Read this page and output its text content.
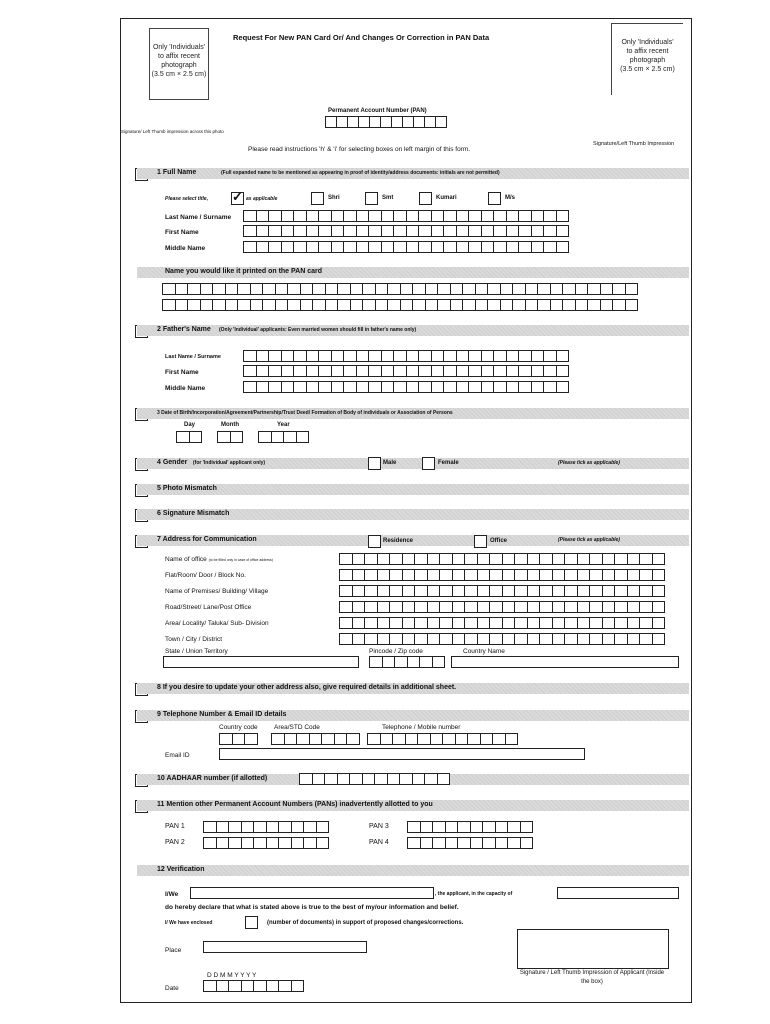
Only 'Individuals'
to affix recent
photograph
(3.5 cm × 2.5 cm)
Request For New PAN Card Or/ And Changes Or Correction in PAN Data
Only 'Individuals'
to affix recent
photograph
(3.5 cm × 2.5 cm)
Permanent Account Number (PAN)
Signature/ Left Thumb impression across this photo
Please read instructions 'h' & 'i' for selecting boxes on left margin of this form.
Signature/Left Thumb Impression
1 Full Name	(Full expanded name to be mentioned as appearing in proof of identity/address documents: initials are not permitted)
Please select title, ✓ as applicable	Shri	Smt	Kumari	M/s
Last Name / Surname
First Name
Middle Name
Name you would like it printed on the PAN card
2 Father's Name (Only 'Individual' applicants: Even married women should fill in father's name only)
Last Name / Surname
First Name
Middle Name
3 Date of Birth/Incorporation/Agreement/Partnership/Trust Deed/ Formation of Body of individuals or Association of Persons
Day	Month	Year
4 Gender (for 'Individual' applicant only)	(Please tick as applicable)
Male	Female
5 Photo Mismatch
6 Signature Mismatch
7 Address for Communication	(Please tick as applicable)
Residence	Office
Name of office (to be filled only in case of office address)
Flat/Room/ Door / Block No.
Name of Premises/ Building/ Village
Road/Street/ Lane/Post Office
Area/ Locality/ Taluka/ Sub- Division
Town / City / District
State / Union Territory	Pincode / Zip code	Country Name
8 If you desire to update your other address also, give required details in additional sheet.
9 Telephone Number & Email ID details
Country code	Area/STD Code	Telephone / Mobile number
Email ID
10 AADHAAR number (if allotted)
11 Mention other Permanent Account Numbers (PANs) inadvertently allotted to you
PAN 1
PAN 2
PAN 3
PAN 4
12 Verification
I/We	, the applicant, in the capacity of
do hereby declare that what is stated above is true to the best of my/our information and belief.
I/ We have enclosed	(number of documents) in support of proposed changes/corrections.
Place
D D M M Y Y Y Y
Date
Signature / Left Thumb Impression of Applicant (Inside the box)
